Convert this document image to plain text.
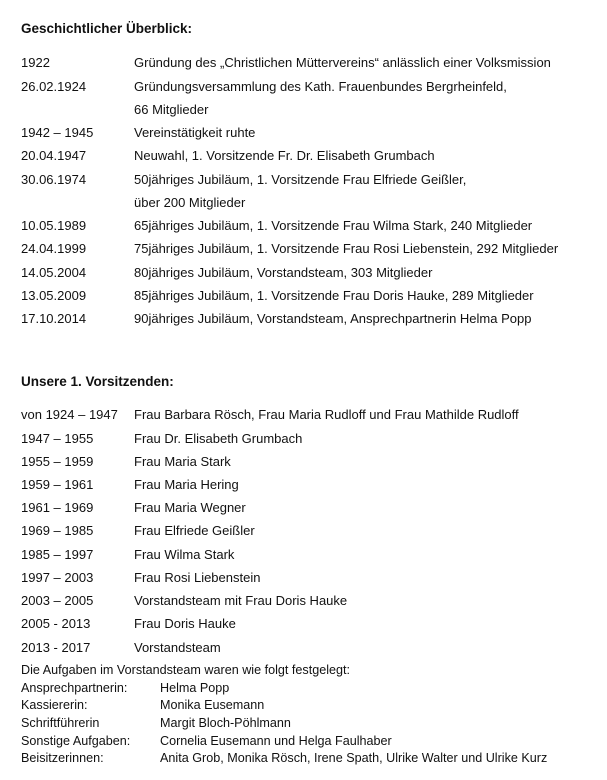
Geschichtlicher Überblick:
1922	Gründung des „Christlichen Müttervereins“ anlässlich einer Volksmission
26.02.1924	Gründungsversammlung des Kath. Frauenbundes Bergrheinfeld,
66 Mitglieder
1942 – 1945	Vereinstätigkeit ruhte
20.04.1947	Neuwahl, 1. Vorsitzende Fr. Dr. Elisabeth Grumbach
30.06.1974	50jähriges Jubiläum, 1. Vorsitzende Frau Elfriede Geißler,
über 200 Mitglieder
10.05.1989	65jähriges Jubiläum, 1. Vorsitzende Frau Wilma Stark, 240 Mitglieder
24.04.1999	75jähriges Jubiläum, 1. Vorsitzende Frau Rosi Liebenstein, 292 Mitglieder
14.05.2004	80jähriges Jubiläum, Vorstandsteam, 303 Mitglieder
13.05.2009	85jähriges Jubiläum, 1. Vorsitzende Frau Doris Hauke, 289 Mitglieder
17.10.2014	90jähriges Jubiläum, Vorstandsteam, Ansprechpartnerin Helma Popp
Unsere 1. Vorsitzenden:
von 1924 – 1947 Frau Barbara Rösch, Frau Maria Rudloff und Frau Mathilde Rudloff
1947 – 1955	Frau Dr. Elisabeth Grumbach
1955 – 1959	Frau Maria Stark
1959 – 1961	Frau Maria Hering
1961 – 1969	Frau Maria Wegner
1969 – 1985	Frau Elfriede Geißler
1985 – 1997	Frau Wilma Stark
1997 – 2003	Frau Rosi Liebenstein
2003 – 2005	Vorstandsteam mit Frau Doris Hauke
2005 - 2013	Frau Doris Hauke
2013 - 2017	Vorstandsteam
Die Aufgaben im Vorstandsteam waren wie folgt festgelegt:
Ansprechpartnerin:	Helma Popp
Kassiererin:	Monika Eusemann
Schriftführerin	Margit Bloch-Pöhlmann
Sonstige Aufgaben: Cornelia Eusemann und Helga Faulhaber
Beisitzerinnen:	Anita Grob, Monika Rösch, Irene Spath, Ulrike Walter und Ulrike Kurz
